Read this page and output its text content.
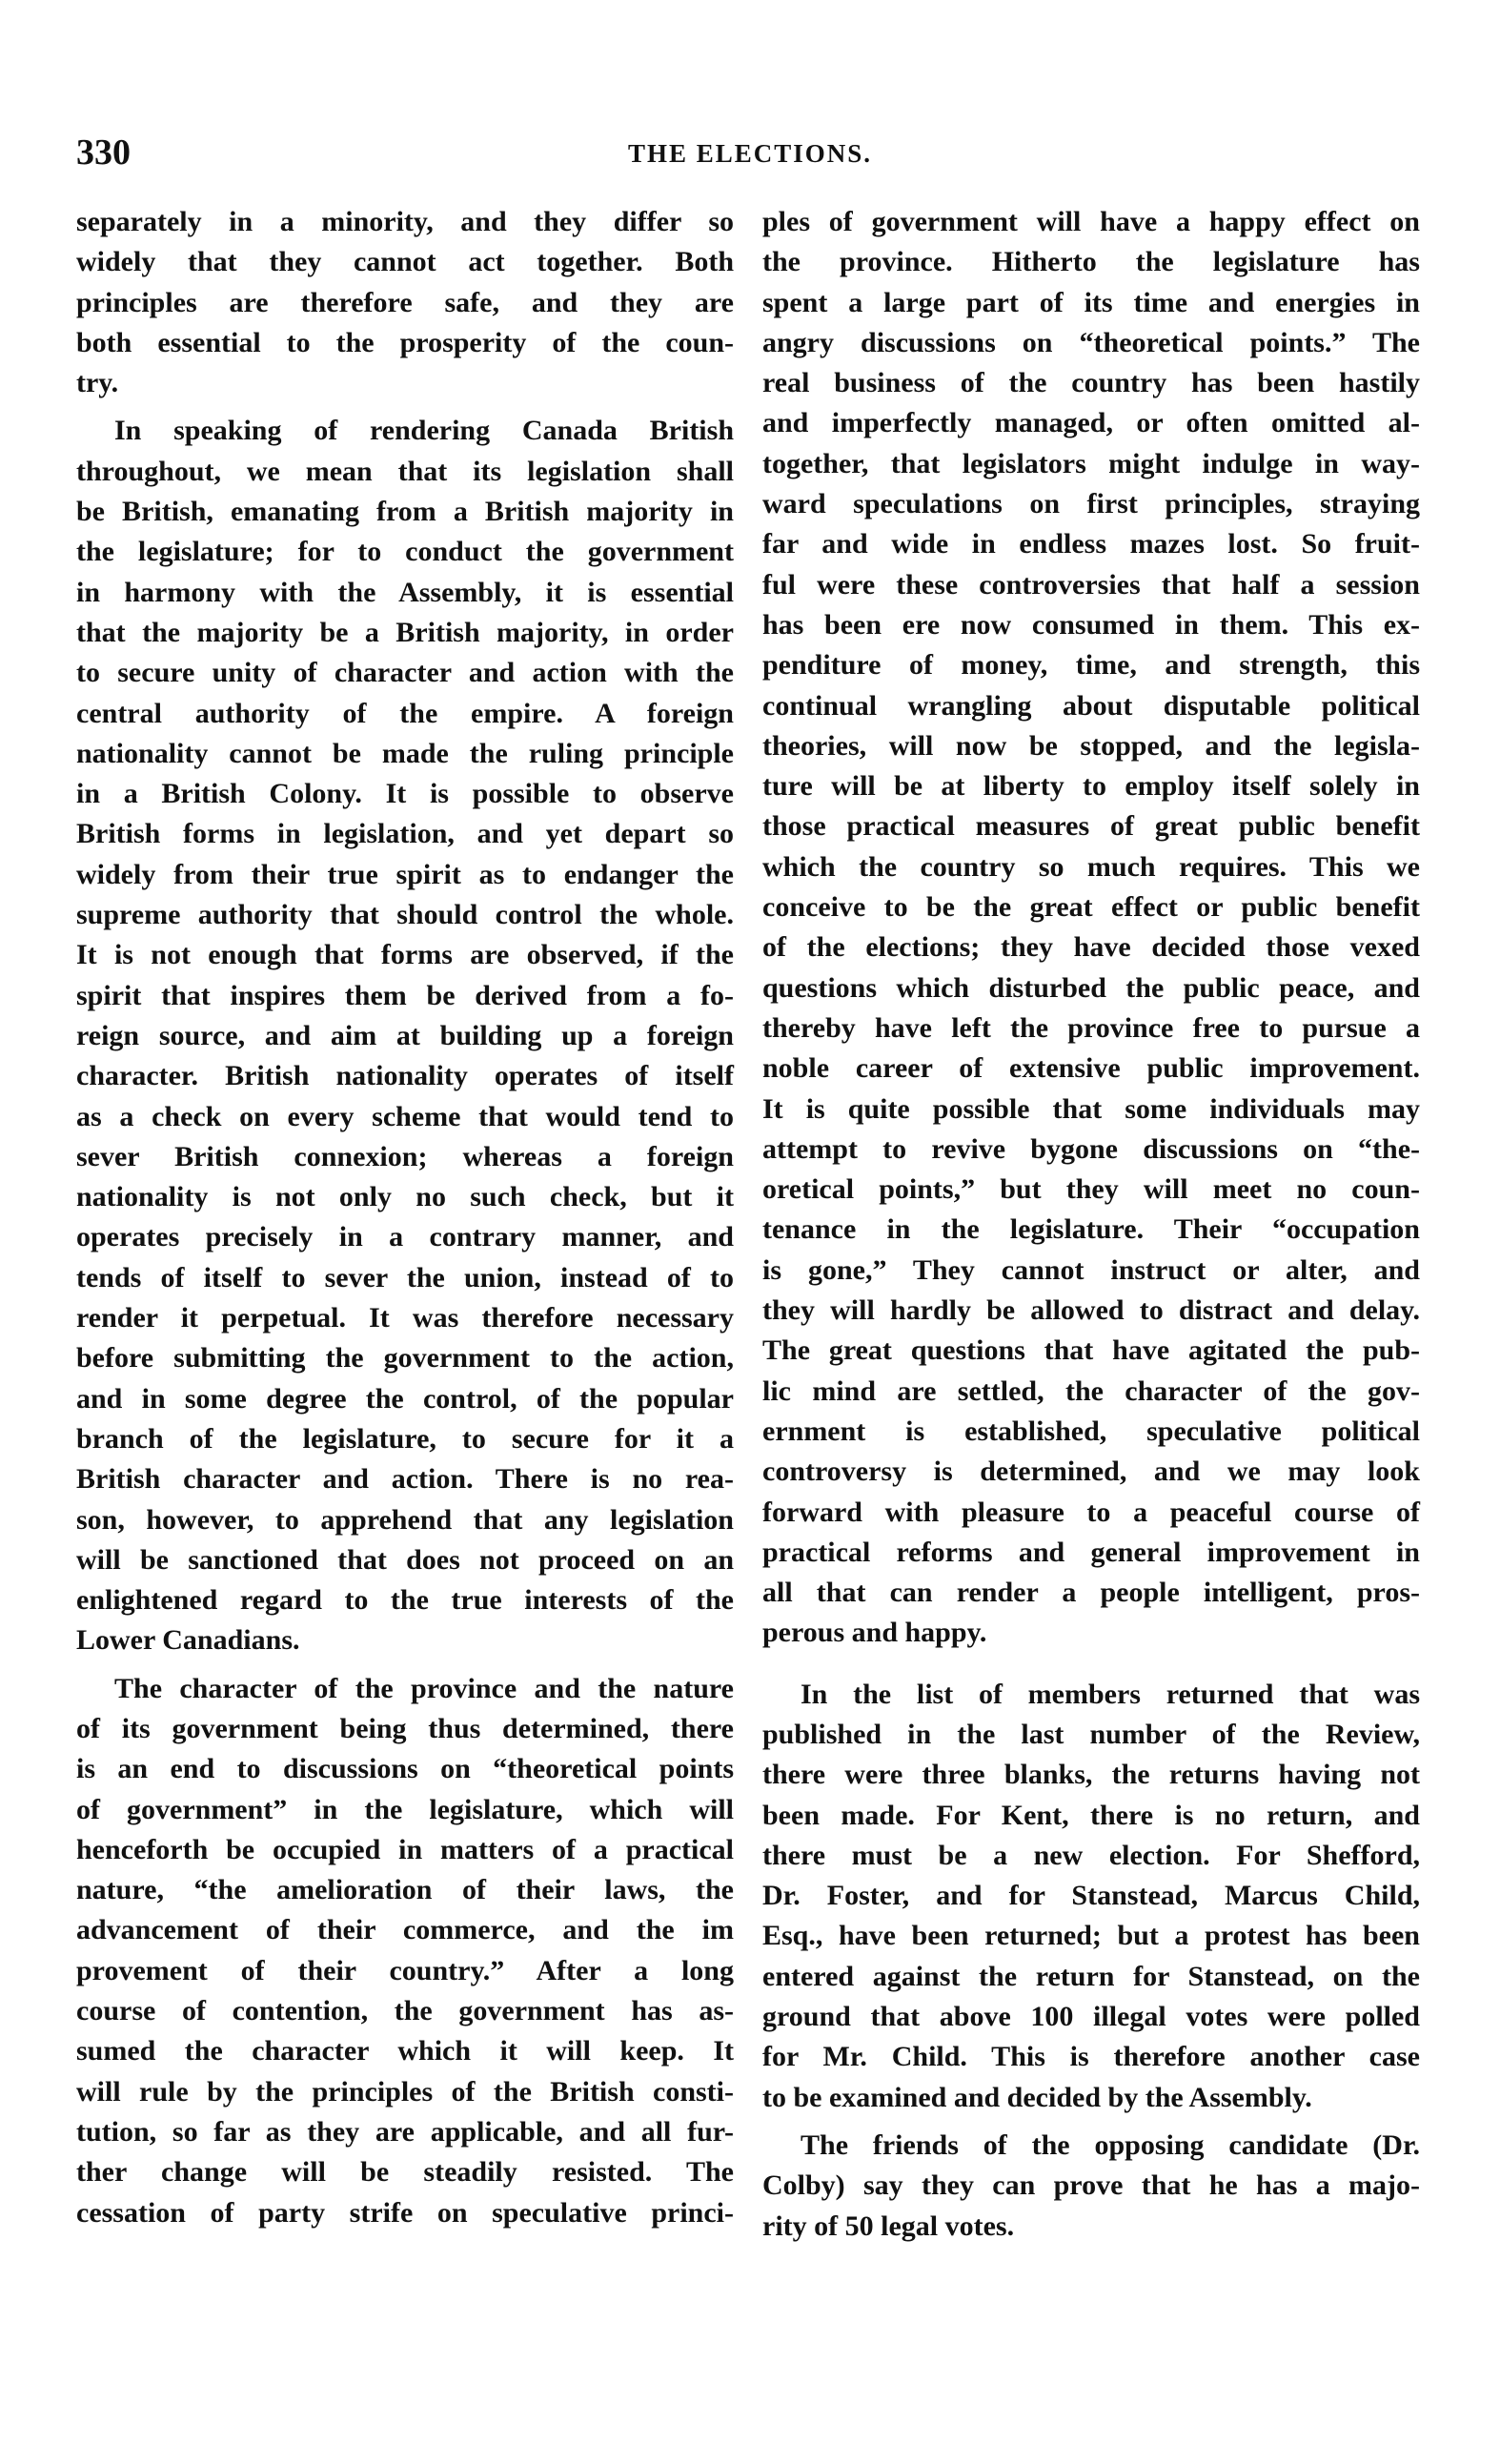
330	THE ELECTIONS.
separately in a minority, and they differ so
widely that they cannot act together. Both
principles are therefore safe, and they are
both essential to the prosperity of the coun-
try.
In speaking of rendering Canada British
throughout, we mean that its legislation shall
be British, emanating from a British majority in
the legislature; for to conduct the government
in harmony with the Assembly, it is essential
that the majority be a British majority, in order
to secure unity of character and action with the
central authority of the empire. A foreign
nationality cannot be made the ruling principle
in a British Colony. It is possible to observe
British forms in legislation, and yet depart so
widely from their true spirit as to endanger the
supreme authority that should control the whole.
It is not enough that forms are observed, if the
spirit that inspires them be derived from a fo-
reign source, and aim at building up a foreign
character. British nationality operates of itself
as a check on every scheme that would tend to
sever British connexion; whereas a foreign
nationality is not only no such check, but it
operates precisely in a contrary manner, and
tends of itself to sever the union, instead of to
render it perpetual. It was therefore necessary
before submitting the government to the action,
and in some degree the control, of the popular
branch of the legislature, to secure for it a
British character and action. There is no rea-
son, however, to apprehend that any legislation
will be sanctioned that does not proceed on an
enlightened regard to the true interests of the
Lower Canadians.
The character of the province and the nature
of its government being thus determined, there
is an end to discussions on “theoretical points
of government” in the legislature, which will
henceforth be occupied in matters of a practical
nature, “the amelioration of their laws, the
advancement of their commerce, and the im
provement of their country.” After a long
course of contention, the government has as-
sumed the character which it will keep. It
will rule by the principles of the British consti-
tution, so far as they are applicable, and all fur-
ther change will be steadily resisted. The
cessation of party strife on speculative princi-
ples of government will have a happy effect on
the province. Hitherto the legislature has
spent a large part of its time and energies in
angry discussions on “theoretical points.” The
real business of the country has been hastily
and imperfectly managed, or often omitted al-
together, that legislators might indulge in way-
ward speculations on first principles, straying
far and wide in endless mazes lost. So fruit-
ful were these controversies that half a session
has been ere now consumed in them. This ex-
penditure of money, time, and strength, this
continual wrangling about disputable political
theories, will now be stopped, and the legisla-
ture will be at liberty to employ itself solely in
those practical measures of great public benefit
which the country so much requires. This we
conceive to be the great effect or public benefit
of the elections; they have decided those vexed
questions which disturbed the public peace, and
thereby have left the province free to pursue a
noble career of extensive public improvement.
It is quite possible that some individuals may
attempt to revive bygone discussions on “the-
oretical points,” but they will meet no coun-
tenance in the legislature. Their “occupation
is gone,” They cannot instruct or alter, and
they will hardly be allowed to distract and delay.
The great questions that have agitated the pub-
lic mind are settled, the character of the gov-
ernment is established, speculative political
controversy is determined, and we may look
forward with pleasure to a peaceful course of
practical reforms and general improvement in
all that can render a people intelligent, pros-
perous and happy.
In the list of members returned that was
published in the last number of the Review,
there were three blanks, the returns having not
been made. For Kent, there is no return, and
there must be a new election. For Shefford,
Dr. Foster, and for Stanstead, Marcus Child,
Esq., have been returned; but a protest has been
entered against the return for Stanstead, on the
ground that above 100 illegal votes were polled
for Mr. Child. This is therefore another case
to be examined and decided by the Assembly.
The friends of the opposing candidate (Dr.
Colby) say they can prove that he has a majo-
rity of 50 legal votes.
